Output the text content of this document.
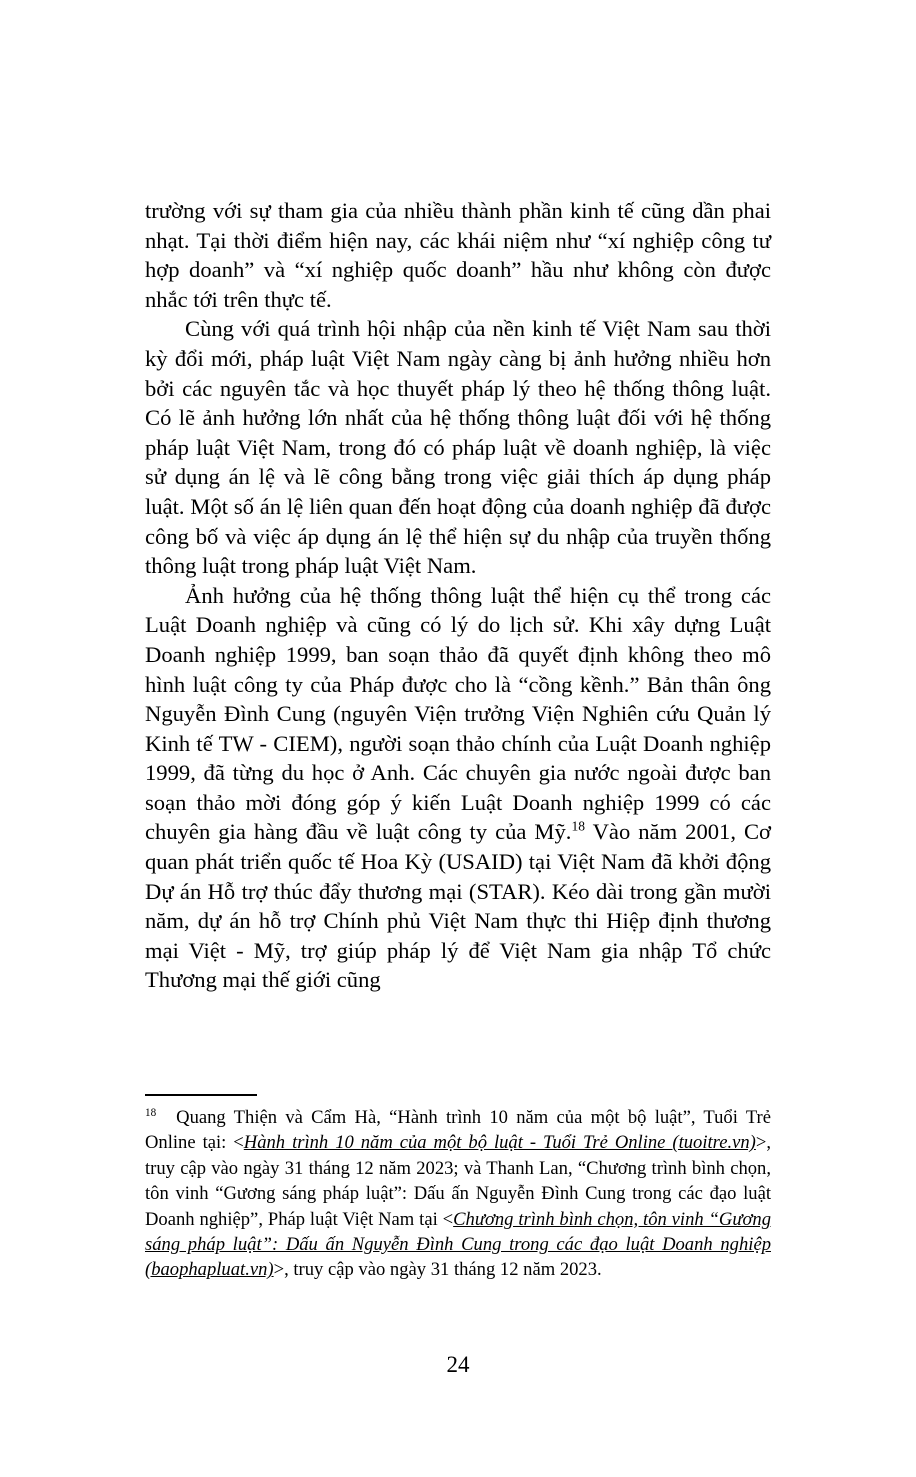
trường với sự tham gia của nhiều thành phần kinh tế cũng dần phai nhạt. Tại thời điểm hiện nay, các khái niệm như “xí nghiệp công tư hợp doanh” và “xí nghiệp quốc doanh” hầu như không còn được nhắc tới trên thực tế.

Cùng với quá trình hội nhập của nền kinh tế Việt Nam sau thời kỳ đổi mới, pháp luật Việt Nam ngày càng bị ảnh hưởng nhiều hơn bởi các nguyên tắc và học thuyết pháp lý theo hệ thống thông luật. Có lẽ ảnh hưởng lớn nhất của hệ thống thông luật đối với hệ thống pháp luật Việt Nam, trong đó có pháp luật về doanh nghiệp, là việc sử dụng án lệ và lẽ công bằng trong việc giải thích áp dụng pháp luật. Một số án lệ liên quan đến hoạt động của doanh nghiệp đã được công bố và việc áp dụng án lệ thể hiện sự du nhập của truyền thống thông luật trong pháp luật Việt Nam.

Ảnh hưởng của hệ thống thông luật thể hiện cụ thể trong các Luật Doanh nghiệp và cũng có lý do lịch sử. Khi xây dựng Luật Doanh nghiệp 1999, ban soạn thảo đã quyết định không theo mô hình luật công ty của Pháp được cho là “cồng kềnh.” Bản thân ông Nguyễn Đình Cung (nguyên Viện trưởng Viện Nghiên cứu Quản lý Kinh tế TW - CIEM), người soạn thảo chính của Luật Doanh nghiệp 1999, đã từng du học ở Anh. Các chuyên gia nước ngoài được ban soạn thảo mời đóng góp ý kiến Luật Doanh nghiệp 1999 có các chuyên gia hàng đầu về luật công ty của Mỹ.$^{18}$ Vào năm 2001, Cơ quan phát triển quốc tế Hoa Kỳ (USAID) tại Việt Nam đã khởi động Dự án Hỗ trợ thúc đẩy thương mại (STAR). Kéo dài trong gần mười năm, dự án hỗ trợ Chính phủ Việt Nam thực thi Hiệp định thương mại Việt - Mỹ, trợ giúp pháp lý để Việt Nam gia nhập Tổ chức Thương mại thế giới cũng

$^{18}$ Quang Thiện và Cẩm Hà, “Hành trình 10 năm của một bộ luật”, Tuổi Trẻ Online tại: <Hành trình 10 năm của một bộ luật - Tuổi Trẻ Online (tuoitre.vn)>, truy cập vào ngày 31 tháng 12 năm 2023; và Thanh Lan, “Chương trình bình chọn, tôn vinh “Gương sáng pháp luật”: Dấu ấn Nguyễn Đình Cung trong các đạo luật Doanh nghiệp”, Pháp luật Việt Nam tại <Chương trình bình chọn, tôn vinh “Gương sáng pháp luật”: Dấu ấn Nguyễn Đình Cung trong các đạo luật Doanh nghiệp (baophapluat.vn)>, truy cập vào ngày 31 tháng 12 năm 2023.

24
